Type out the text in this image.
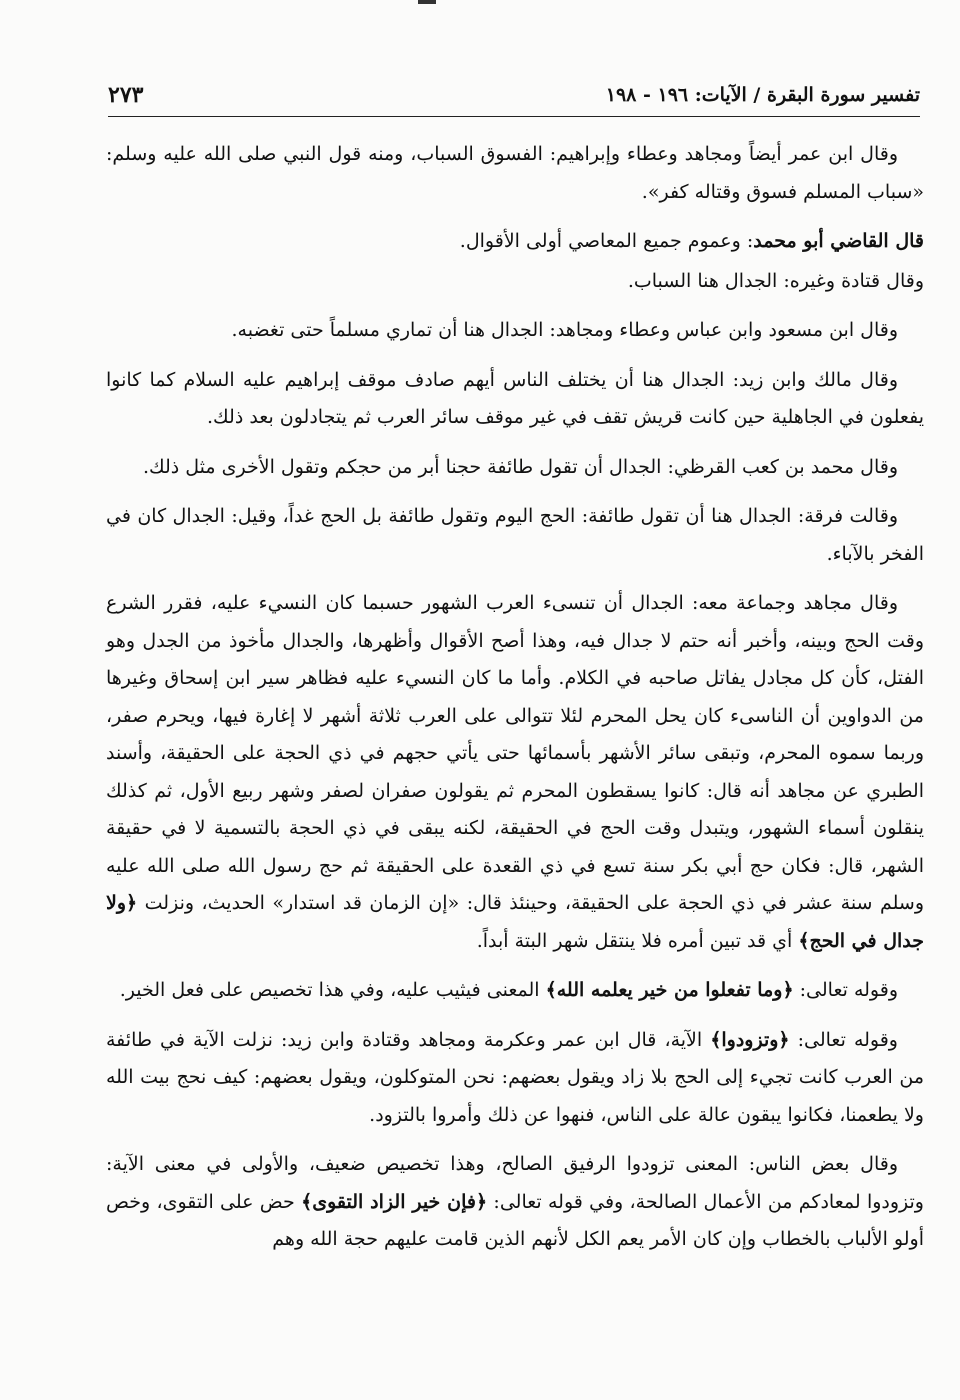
تفسير سورة البقرة / الآيات: ١٩٦ - ١٩٨
٢٧٣

وقال ابن عمر أيضاً ومجاهد وعطاء وإبراهيم: الفسوق السباب، ومنه قول النبي صلى الله عليه وسلم: «سباب المسلم فسوق وقتاله كفر».

قال القاضي أبو محمد: وعموم جميع المعاصي أولى الأقوال.

وقال قتادة وغيره: الجدال هنا السباب.

وقال ابن مسعود وابن عباس وعطاء ومجاهد: الجدال هنا أن تماري مسلماً حتى تغضبه.

وقال مالك وابن زيد: الجدال هنا أن يختلف الناس أيهم صادف موقف إبراهيم عليه السلام كما كانوا يفعلون في الجاهلية حين كانت قريش تقف في غير موقف سائر العرب ثم يتجادلون بعد ذلك.

وقال محمد بن كعب القرظي: الجدال أن تقول طائفة حجنا أبر من حجكم وتقول الأخرى مثل ذلك.

وقالت فرقة: الجدال هنا أن تقول طائفة: الحج اليوم وتقول طائفة بل الحج غداً، وقيل: الجدال كان في الفخر بالآباء.

وقال مجاهد وجماعة معه: الجدال أن تنسىء العرب الشهور حسبما كان النسيء عليه، فقرر الشرع وقت الحج وبينه، وأخبر أنه حتم لا جدال فيه، وهذا أصح الأقوال وأظهرها، والجدال مأخوذ من الجدل وهو الفتل، كأن كل مجادل يفاتل صاحبه في الكلام. وأما ما كان النسيء عليه فظاهر سير ابن إسحاق وغيرها من الدواوين أن الناسىء كان يحل المحرم لئلا تتوالى على العرب ثلاثة أشهر لا إغارة فيها، ويحرم صفر، وربما سموه المحرم، وتبقى سائر الأشهر بأسمائها حتى يأتي حجهم في ذي الحجة على الحقيقة، وأسند الطبري عن مجاهد أنه قال: كانوا يسقطون المحرم ثم يقولون صفران لصفر وشهر ربيع الأول، ثم كذلك ينقلون أسماء الشهور، ويتبدل وقت الحج في الحقيقة، لكنه يبقى في ذي الحجة بالتسمية لا في حقيقة الشهر، قال: فكان حج أبي بكر سنة تسع في ذي القعدة على الحقيقة ثم حج رسول الله صلى الله عليه وسلم سنة عشر في ذي الحجة على الحقيقة، وحينئذ قال: «إن الزمان قد استدار» الحديث، ونزلت ﴿ولا جدال في الحج﴾ أي قد تبين أمره فلا ينتقل شهر البتة أبداً.

وقوله تعالى: ﴿وما تفعلوا من خير يعلمه الله﴾ المعنى فيثيب عليه، وفي هذا تخصيص على فعل الخير.

وقوله تعالى: ﴿وتزودوا﴾ الآية، قال ابن عمر وعكرمة ومجاهد وقتادة وابن زيد: نزلت الآية في طائفة من العرب كانت تجيء إلى الحج بلا زاد ويقول بعضهم: نحن المتوكلون، ويقول بعضهم: كيف نحج بيت الله ولا يطعمنا، فكانوا يبقون عالة على الناس، فنهوا عن ذلك وأمروا بالتزود.

وقال بعض الناس: المعنى تزودوا الرفيق الصالح، وهذا تخصيص ضعيف، والأولى في معنى الآية: وتزودوا لمعادكم من الأعمال الصالحة، وفي قوله تعالى: ﴿فإن خير الزاد التقوى﴾ حض على التقوى، وخص أولو الألباب بالخطاب وإن كان الأمر يعم الكل لأنهم الذين قامت عليهم حجة الله وهم
